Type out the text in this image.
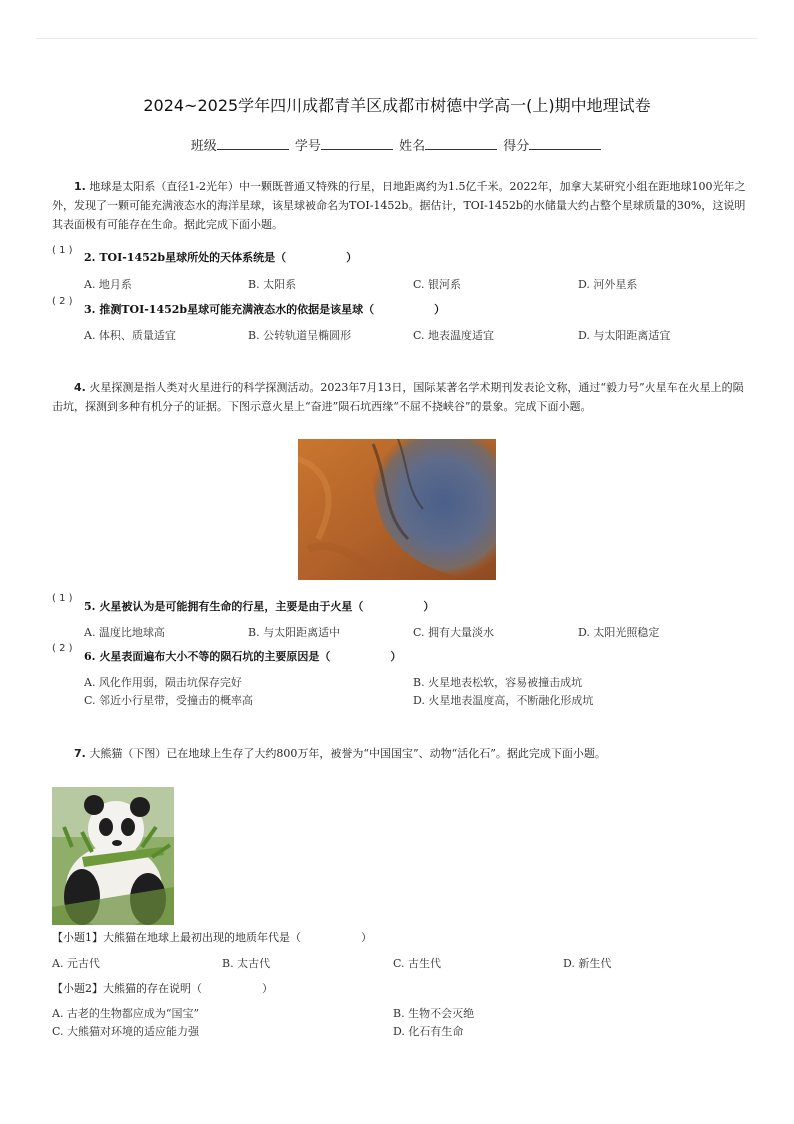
2024~2025学年四川成都青羊区成都市树德中学高一(上)期中地理试卷
班级	学号	姓名	得分
1. 地球是太阳系（直径1-2光年）中一颗既普通又特殊的行星，日地距离约为1.5亿千米。2022年，加拿大某研究小组在距地球100光年之外，发现了一颗可能充满液态水的海洋星球，该星球被命名为TOI-1452b。据估计，TOI-1452b的水储量大约占整个星球质量的30%，这说明其表面极有可能存在生命。据此完成下面小题。
( 1 )
2. TOI-1452b星球所处的天体系统是（	）
A. 地月系	B. 太阳系	C. 银河系	D. 河外星系
( 2 )
3. 推测TOI-1452b星球可能充满液态水的依据是该星球（	）
A. 体积、质量适宜	B. 公转轨道呈椭圆形	C. 地表温度适宜	D. 与太阳距离适宜
4. 火星探测是指人类对火星进行的科学探测活动。2023年7月13日，国际某著名学术期刊发表论文称，通过“毅力号”火星车在火星上的陨击坑，探测到多种有机分子的证据。下图示意火星上“奋进”陨石坑西缘“不屈不挠峡谷”的景象。完成下面小题。
( 1 )
5. 火星被认为是可能拥有生命的行星，主要是由于火星（	）
A. 温度比地球高	B. 与太阳距离适中	C. 拥有大量淡水	D. 太阳光照稳定
( 2 )
6. 火星表面遍布大小不等的陨石坑的主要原因是（	）
A. 风化作用弱，陨击坑保存完好	B. 火星地表松软，容易被撞击成坑
C. 邻近小行星带，受撞击的概率高	D. 火星地表温度高，不断融化形成坑
7. 大熊猫（下图）已在地球上生存了大约800万年，被誉为“中国国宝”、动物“活化石”。据此完成下面小题。
【小题1】大熊猫在地球上最初出现的地质年代是（	）
A. 元古代	B. 太古代	C. 古生代	D. 新生代
【小题2】大熊猫的存在说明（	）
A. 古老的生物都应成为“国宝”	B. 生物不会灭绝
C. 大熊猫对环境的适应能力强	D. 化石有生命
